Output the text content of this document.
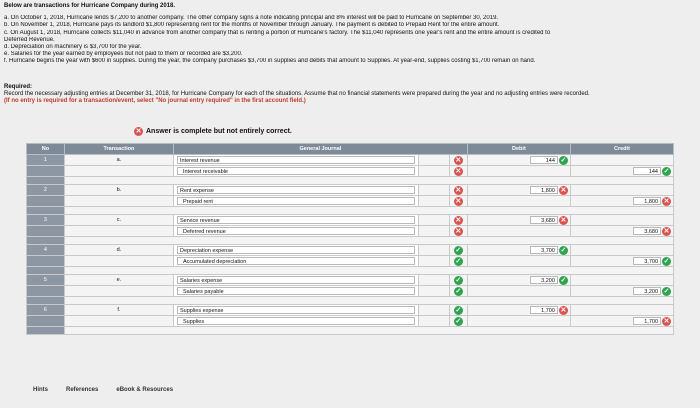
Below are transactions for Hurricane Company during 2018.
a. On October 1, 2018, Hurricane lends $7,200 to another company. The other company signs a note indicating principal and 8% interest will be paid to Hurricane on September 30, 2019.
b. On November 1, 2018, Hurricane pays its landlord $1,800 representing rent for the months of November through January. The payment is debited to Prepaid Rent for the entire amount.
c. On August 1, 2018, Hurricane collects $11,040 in advance from another company that is renting a portion of Hurricane's factory. The $11,040 represents one year's rent and the entire amount is credited to
Deferred Revenue.
d. Depreciation on machinery is $3,700 for the year.
e. Salaries for the year earned by employees but not paid to them or recorded are $3,200.
f. Hurricane begins the year with $600 in supplies. During the year, the company purchases $3,700 in supplies and debits that amount to Supplies. At year-end, supplies costing $1,700 remain on hand.
Required:
Record the necessary adjusting entries at December 31, 2018, for Hurricane Company for each of the situations. Assume that no financial statements were prepared during the year and no adjusting entries were recorded.
(If no entry is required for a transaction/event, select "No journal entry required" in the first account field.)
✕ Answer is complete but not entirely correct.
No	Transaction	General Journal			Debit	Credit
1	a.	Interest revenue		✕	144 ✓	

		Interest receivable		✕		144 ✓

2	b.	Rent expense		✕	1,800 ✕	

		Prepaid rent		✕		1,800 ✕

3	c.	Service revenue		✕	3,680 ✕	

		Deferred revenue		✕		3,680 ✕

4	d.	Depreciation expense		✓	3,700 ✓	

		Accumulated depreciation		✓		3,700 ✓

5	e.	Salaries expense		✓	3,200 ✓	

		Salaries payable		✓		3,200 ✓

6	f.	Supplies expense		✓	1,700 ✕	

		Supplies		✓		1,700 ✕

Hints	References	eBook & Resources
